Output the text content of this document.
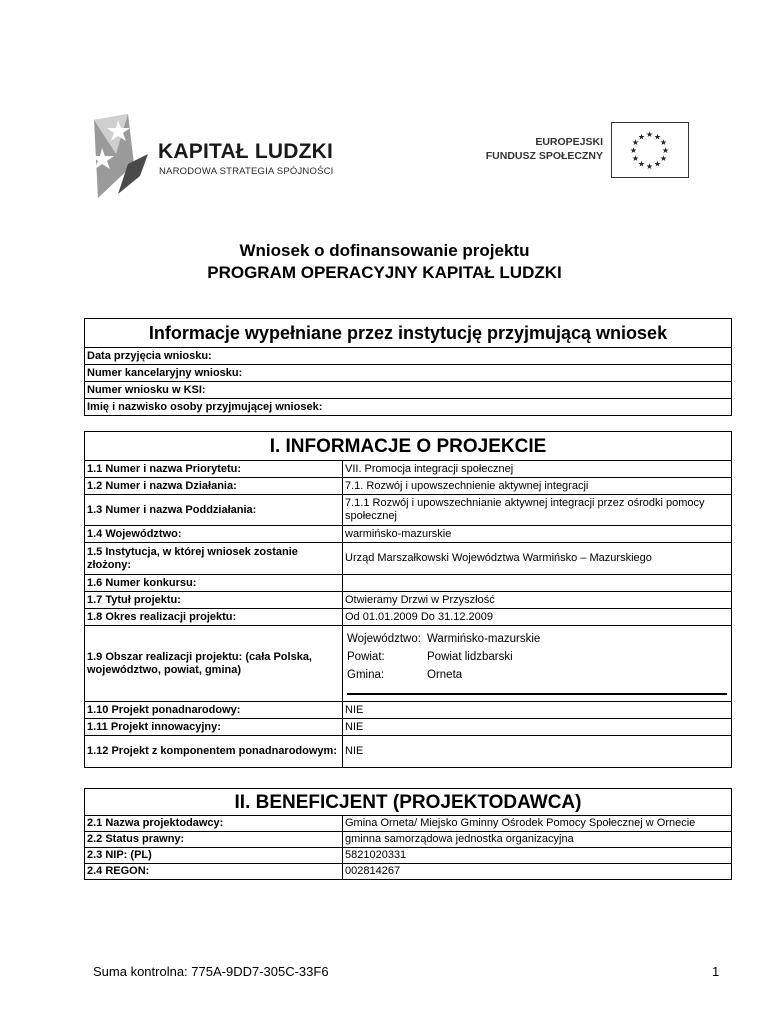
KAPITAŁ LUDZKI
NARODOWA STRATEGIA SPÓJNOŚCI
EUROPEJSKI
FUNDUSZ SPOŁECZNY
★ ★
★
★
★
★
★
★
★
★
★
★
Wniosek o dofinansowanie projektu
PROGRAM OPERACYJNY KAPITAŁ LUDZKI
Informacje wypełniane przez instytucję przyjmującą wniosek
Data przyjęcia wniosku:
Numer kancelaryjny wniosku:
Numer wniosku w KSI:
Imię i nazwisko osoby przyjmującej wniosek:
I. INFORMACJE O PROJEKCIE	
1.1 Numer i nazwa Priorytetu:	VII. Promocja integracji społecznej
1.2 Numer i nazwa Działania:	7.1. Rozwój i upowszechnienie aktywnej integracji
1.3 Numer i nazwa Poddziałania:	7.1.1 Rozwój i upowszechnianie aktywnej integracji przez ośrodki pomocy społecznej
1.4 Województwo:	warmińsko-mazurskie
1.5 Instytucja, w której wniosek zostanie złożony:	Urząd Marszałkowski Województwa Warmińsko – Mazurskiego
1.6 Numer konkursu:	
1.7 Tytuł projektu:	Otwieramy Drzwi w Przyszłość
1.8 Okres realizacji projektu:	Od 01.01.2009 Do 31.12.2009
1.9 Obszar realizacji projektu: (cała Polska, województwo, powiat, gmina)	Województwo: Warmińsko-mazurskie
Powiat: Powiat lidzbarski
Gmina: Orneta

1.10 Projekt ponadnarodowy:	NIE
1.11 Projekt innowacyjny:	NIE
1.12 Projekt z komponentem ponadnarodowym:	NIE
II. BENEFICJENT (PROJEKTODAWCA)	
2.1 Nazwa projektodawcy:	Gmina Orneta/ Miejsko Gminny Ośrodek Pomocy Społecznej w Ornecie
2.2 Status prawny:	gminna samorządowa jednostka organizacyjna
2.3 NIP: (PL)	5821020331
2.4 REGON:	002814267
Suma kontrolna: 775A-9DD7-305C-33F6	1
